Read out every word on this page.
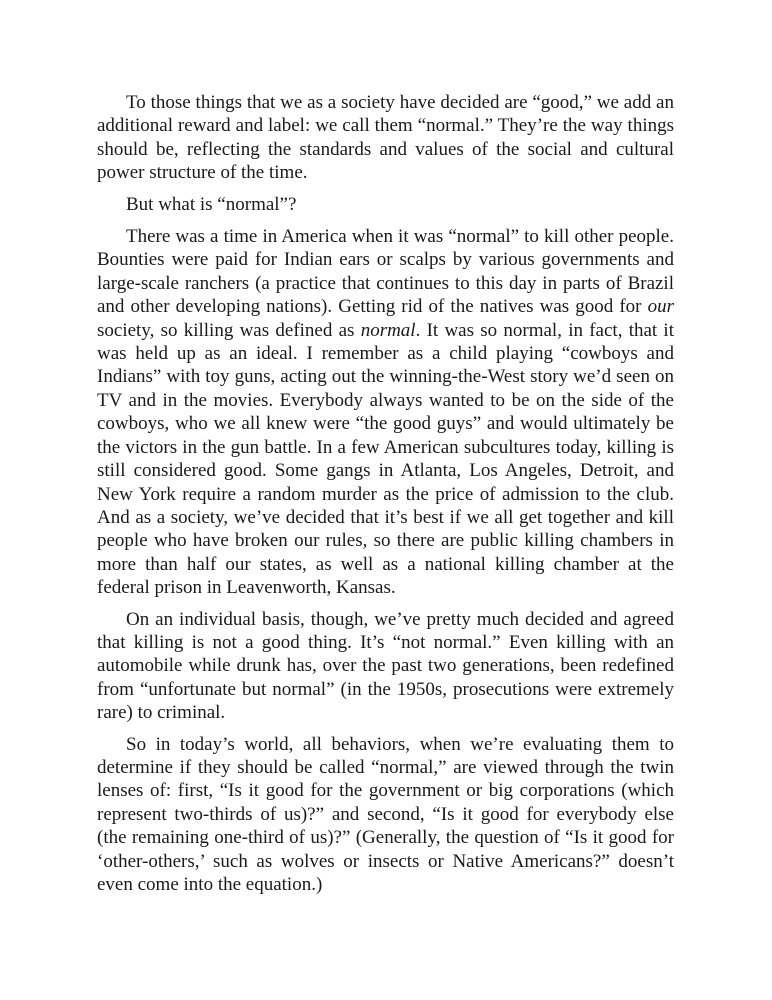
To those things that we as a society have decided are “good,” we add an additional reward and label: we call them “normal.” They’re the way things should be, reflecting the standards and values of the social and cultural power structure of the time.

But what is “normal”?

There was a time in America when it was “normal” to kill other people. Bounties were paid for Indian ears or scalps by various governments and large-scale ranchers (a practice that continues to this day in parts of Brazil and other developing nations). Getting rid of the natives was good for our society, so killing was defined as normal. It was so normal, in fact, that it was held up as an ideal. I remember as a child playing “cowboys and Indians” with toy guns, acting out the winning-the-West story we’d seen on TV and in the movies. Everybody always wanted to be on the side of the cowboys, who we all knew were “the good guys” and would ultimately be the victors in the gun battle. In a few American subcultures today, killing is still considered good. Some gangs in Atlanta, Los Angeles, Detroit, and New York require a random murder as the price of admission to the club. And as a society, we’ve decided that it’s best if we all get together and kill people who have broken our rules, so there are public killing chambers in more than half our states, as well as a national killing chamber at the federal prison in Leavenworth, Kansas.

On an individual basis, though, we’ve pretty much decided and agreed that killing is not a good thing. It’s “not normal.” Even killing with an automobile while drunk has, over the past two generations, been redefined from “unfortunate but normal” (in the 1950s, prosecutions were extremely rare) to criminal.

So in today’s world, all behaviors, when we’re evaluating them to determine if they should be called “normal,” are viewed through the twin lenses of: first, “Is it good for the government or big corporations (which represent two-thirds of us)?” and second, “Is it good for everybody else (the remaining one-third of us)?” (Generally, the question of “Is it good for ‘other-others,’ such as wolves or insects or Native Americans?” doesn’t even come into the equation.)
